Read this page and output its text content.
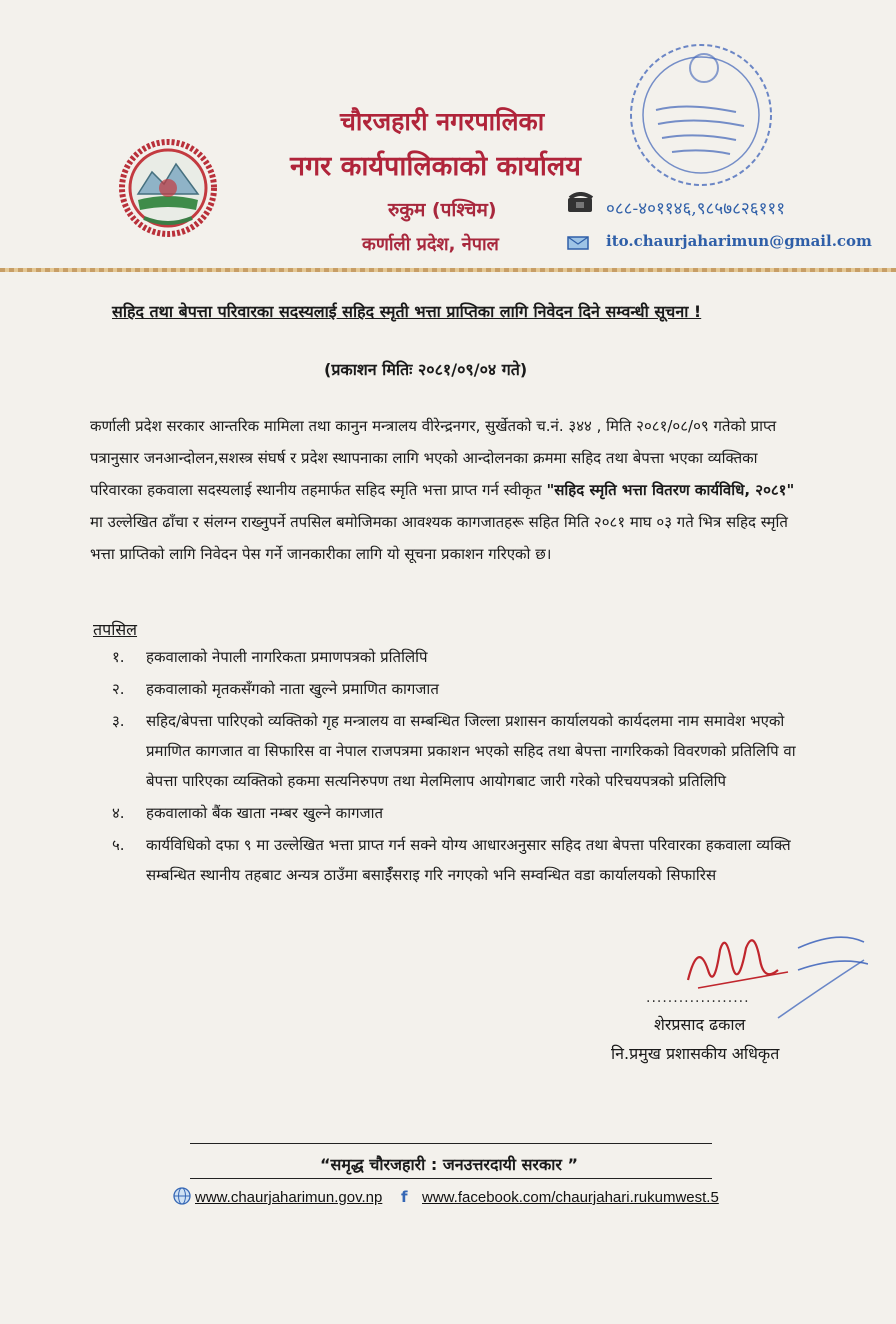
चौरजहारी नगरपालिका
नगर कार्यपालिकाको कार्यालय
रुकुम (पश्चिम)
कर्णाली प्रदेश, नेपाल
०८८-४०११४६,९८५७८२६१११
ito.chaurjaharimun@gmail.com
सहिद तथा बेपत्ता परिवारका सदस्यलाई सहिद स्मृती भत्ता प्राप्तिका लागि निवेदन दिने सम्वन्धी सूचना !
(प्रकाशन मितिः २०८१/०९/०४ गते)

कर्णाली प्रदेश सरकार आन्तरिक मामिला तथा कानुन मन्त्रालय वीरेन्द्रनगर, सुर्खेतको च.नं. ३४४ , मिति २०८१/०८/०९ गतेको प्राप्त पत्रानुसार जनआन्दोलन,सशस्त्र संघर्ष र प्रदेश स्थापनाका लागि भएको आन्दोलनका क्रममा सहिद तथा बेपत्ता भएका व्यक्तिका परिवारका हकवाला सदस्यलाई स्थानीय तहमार्फत सहिद स्मृति भत्ता प्राप्त गर्न स्वीकृत "सहिद स्मृति भत्ता वितरण कार्यविधि, २०८१" मा उल्लेखित ढाँचा र संलग्न राख्नुपर्ने तपसिल बमोजिमका आवश्यक कागजातहरू सहित मिति २०८१ माघ ०३ गते भित्र सहिद स्मृति भत्ता प्राप्तिको लागि निवेदन पेस गर्ने जानकारीका लागि यो सूचना प्रकाशन गरिएको छ।

तपसिल
१. हकवालाको नेपाली नागरिकता प्रमाणपत्रको प्रतिलिपि
२. हकवालाको मृतकसँगको नाता खुल्ने प्रमाणित कागजात
३. सहिद/बेपत्ता पारिएको व्यक्तिको गृह मन्त्रालय वा सम्बन्धित जिल्ला प्रशासन कार्यालयको कार्यदलमा नाम समावेश भएको प्रमाणित कागजात वा सिफारिस वा नेपाल राजपत्रमा प्रकाशन भएको सहिद तथा बेपत्ता नागरिकको विवरणको प्रतिलिपि वा बेपत्ता पारिएका व्यक्तिको हकमा सत्यनिरुपण तथा मेलमिलाप आयोगबाट जारी गरेको परिचयपत्रको प्रतिलिपि
४. हकवालाको बैंक खाता नम्बर खुल्ने कागजात
५. कार्यविधिको दफा ९ मा उल्लेखित भत्ता प्राप्त गर्न सक्ने योग्य आधारअनुसार सहिद तथा बेपत्ता परिवारका हकवाला व्यक्ति सम्बन्धित स्थानीय तहबाट अन्यत्र ठाउँमा बसाईँसराइ गरि नगएको भनि सम्वन्धित वडा कार्यालयको सिफारिस
...................
शेरप्रसाद ढकाल
नि.प्रमुख प्रशासकीय अधिकृत
“समृद्ध चौरजहारी : जनउत्तरदायी सरकार ”
www.chaurjaharimun.gov.np f www.facebook.com/chaurjahari.rukumwest.5
